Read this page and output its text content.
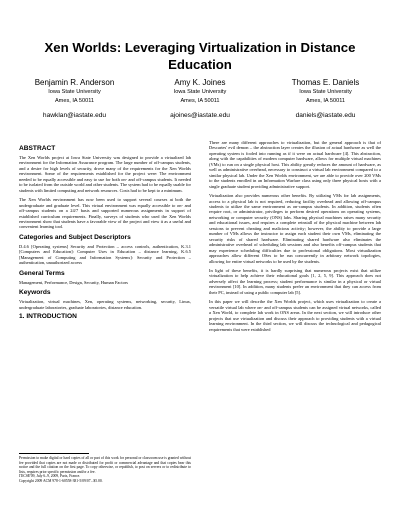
Xen Worlds: Leveraging Virtualization in Distance Education
Benjamin R. Anderson
Iowa State University
Ames, IA 50011
hawklan@iastate.edu
Amy K. Joines
Iowa State University
Ames, IA 50011
ajoines@iastate.edu
Thomas E. Daniels
Iowa State University
Ames, IA 50011
daniels@iastate.edu
ABSTRACT

The Xen Worlds project at Iowa State University was designed to provide a virtualized lab environment for the Information Assurance program. The large number of off-campus students, and a desire for high levels of security, drove many of the requirements for the Xen Worlds environment. Some of the requirements established for the project were: The environment needed to be equally accessible and easy to use for both on- and off-campus students. It needed to be isolated from the outside world and other students. The system had to be equally usable for students with limited computing and network resources. Costs had to be kept to a minimum.

The Xen Worlds environment has now been used to support several courses at both the undergraduate and graduate level. This virtual environment was equally accessible to on- and off-campus students on a 24/7 basis and supported numerous assignments in support of established curriculum requirements. Finally, surveys of students who used the Xen Worlds environment show that students have a favorable view of the project and view it as a useful and convenient learning tool.

Categories and Subject Descriptors

D.4.6 [Operating systems] Security and Protection – access controls, authentication, K.3.1 [Computers and Education]: Computer Uses in Education – distance learning, K.6.5 [Management of Computing and Information Systems]: Security and Protection – authentication, unauthorized access

General Terms

Management, Performance, Design, Security, Human Factors

Keywords

Virtualization, virtual machines, Xen, operating systems, networking, security, Linux, undergraduate laboratories, graduate laboratories, distance education.

1. INTRODUCTION

Permission to make digital or hard copies of all or part of this work for personal or classroom use is granted without fee provided that copies are not made or distributed for profit or commercial advantage and that copies bear this notice and the full citation on the first page. To copy otherwise, or republish, to post on servers or to redistribute to lists, requires prior specific permission and/or a fee.

ITiCSE'09, July 6–9, 2009, Paris, France.

Copyright 2009 ACM 978-1-60558-381-5/09/07...$5.00.

There are many different approaches to virtualization, but the general approach is that of Descartes' evil demon – the abstraction layer creates the illusion of actual hardware as well the operating system is fooled into running as if it were on actual hardware [4]. This abstraction, along with the capabilities of modern computer hardware, allows for multiple virtual machines (VMs) to run on a single physical host. This ability greatly reduces the amount of hardware, as well as administrative overhead, necessary to construct a virtual lab environment compared to a similar physical lab. Under the Xen Worlds environment, we are able to provide over 200 VMs to the students enrolled in an Information Warfare class using only three physical hosts with a single graduate student providing administrative support.

Virtualization also provides numerous other benefits. By utilizing VMs for lab assignments, access to a physical lab is not required, reducing facility overhead and allowing off-campus students to utilize the same environment as on-campus students. In addition, students often require root, or administrator, privileges to perform desired operations on operating systems, networking or computer security (ONS) labs. Sharing physical machines raises many security and educational issues, and requires a complete reinstall of the physical machine between lab sessions to prevent cheating and malicious activity; however, the ability to provide a large number of VMs allows the instructor to assign each student their own VMs, eliminating the security risks of shared hardware. Eliminating shared hardware also eliminates the administrative overhead of scheduling lab sessions and also benefits off-campus students that may experience scheduling difficulties due to professional obligations. Most virtualization approaches allow different OSes to be run concurrently in arbitrary network topologies, allowing for entire virtual networks to be used by the students.

In light of these benefits, it is hardly surprising that numerous projects exist that utilize virtualization to help achieve their educational goals [1, 2, 5, 9]. This approach does not adversely affect the learning process; student performance is similar in a physical or virtual environment [10]. In addition, many students prefer an environment that they can access from their PC, instead of using a public computer lab [5].

In this paper we will describe the Xen Worlds project, which uses virtualization to create a versatile virtual lab where on- and off-campus students can be assigned virtual networks, called a Xen World, to complete lab work in ONS areas. In the next section, we will introduce other projects that use virtualization and discuss their approach to providing students with a virtual learning environment. In the third section, we will discuss the technological and pedagogical requirements that were established
